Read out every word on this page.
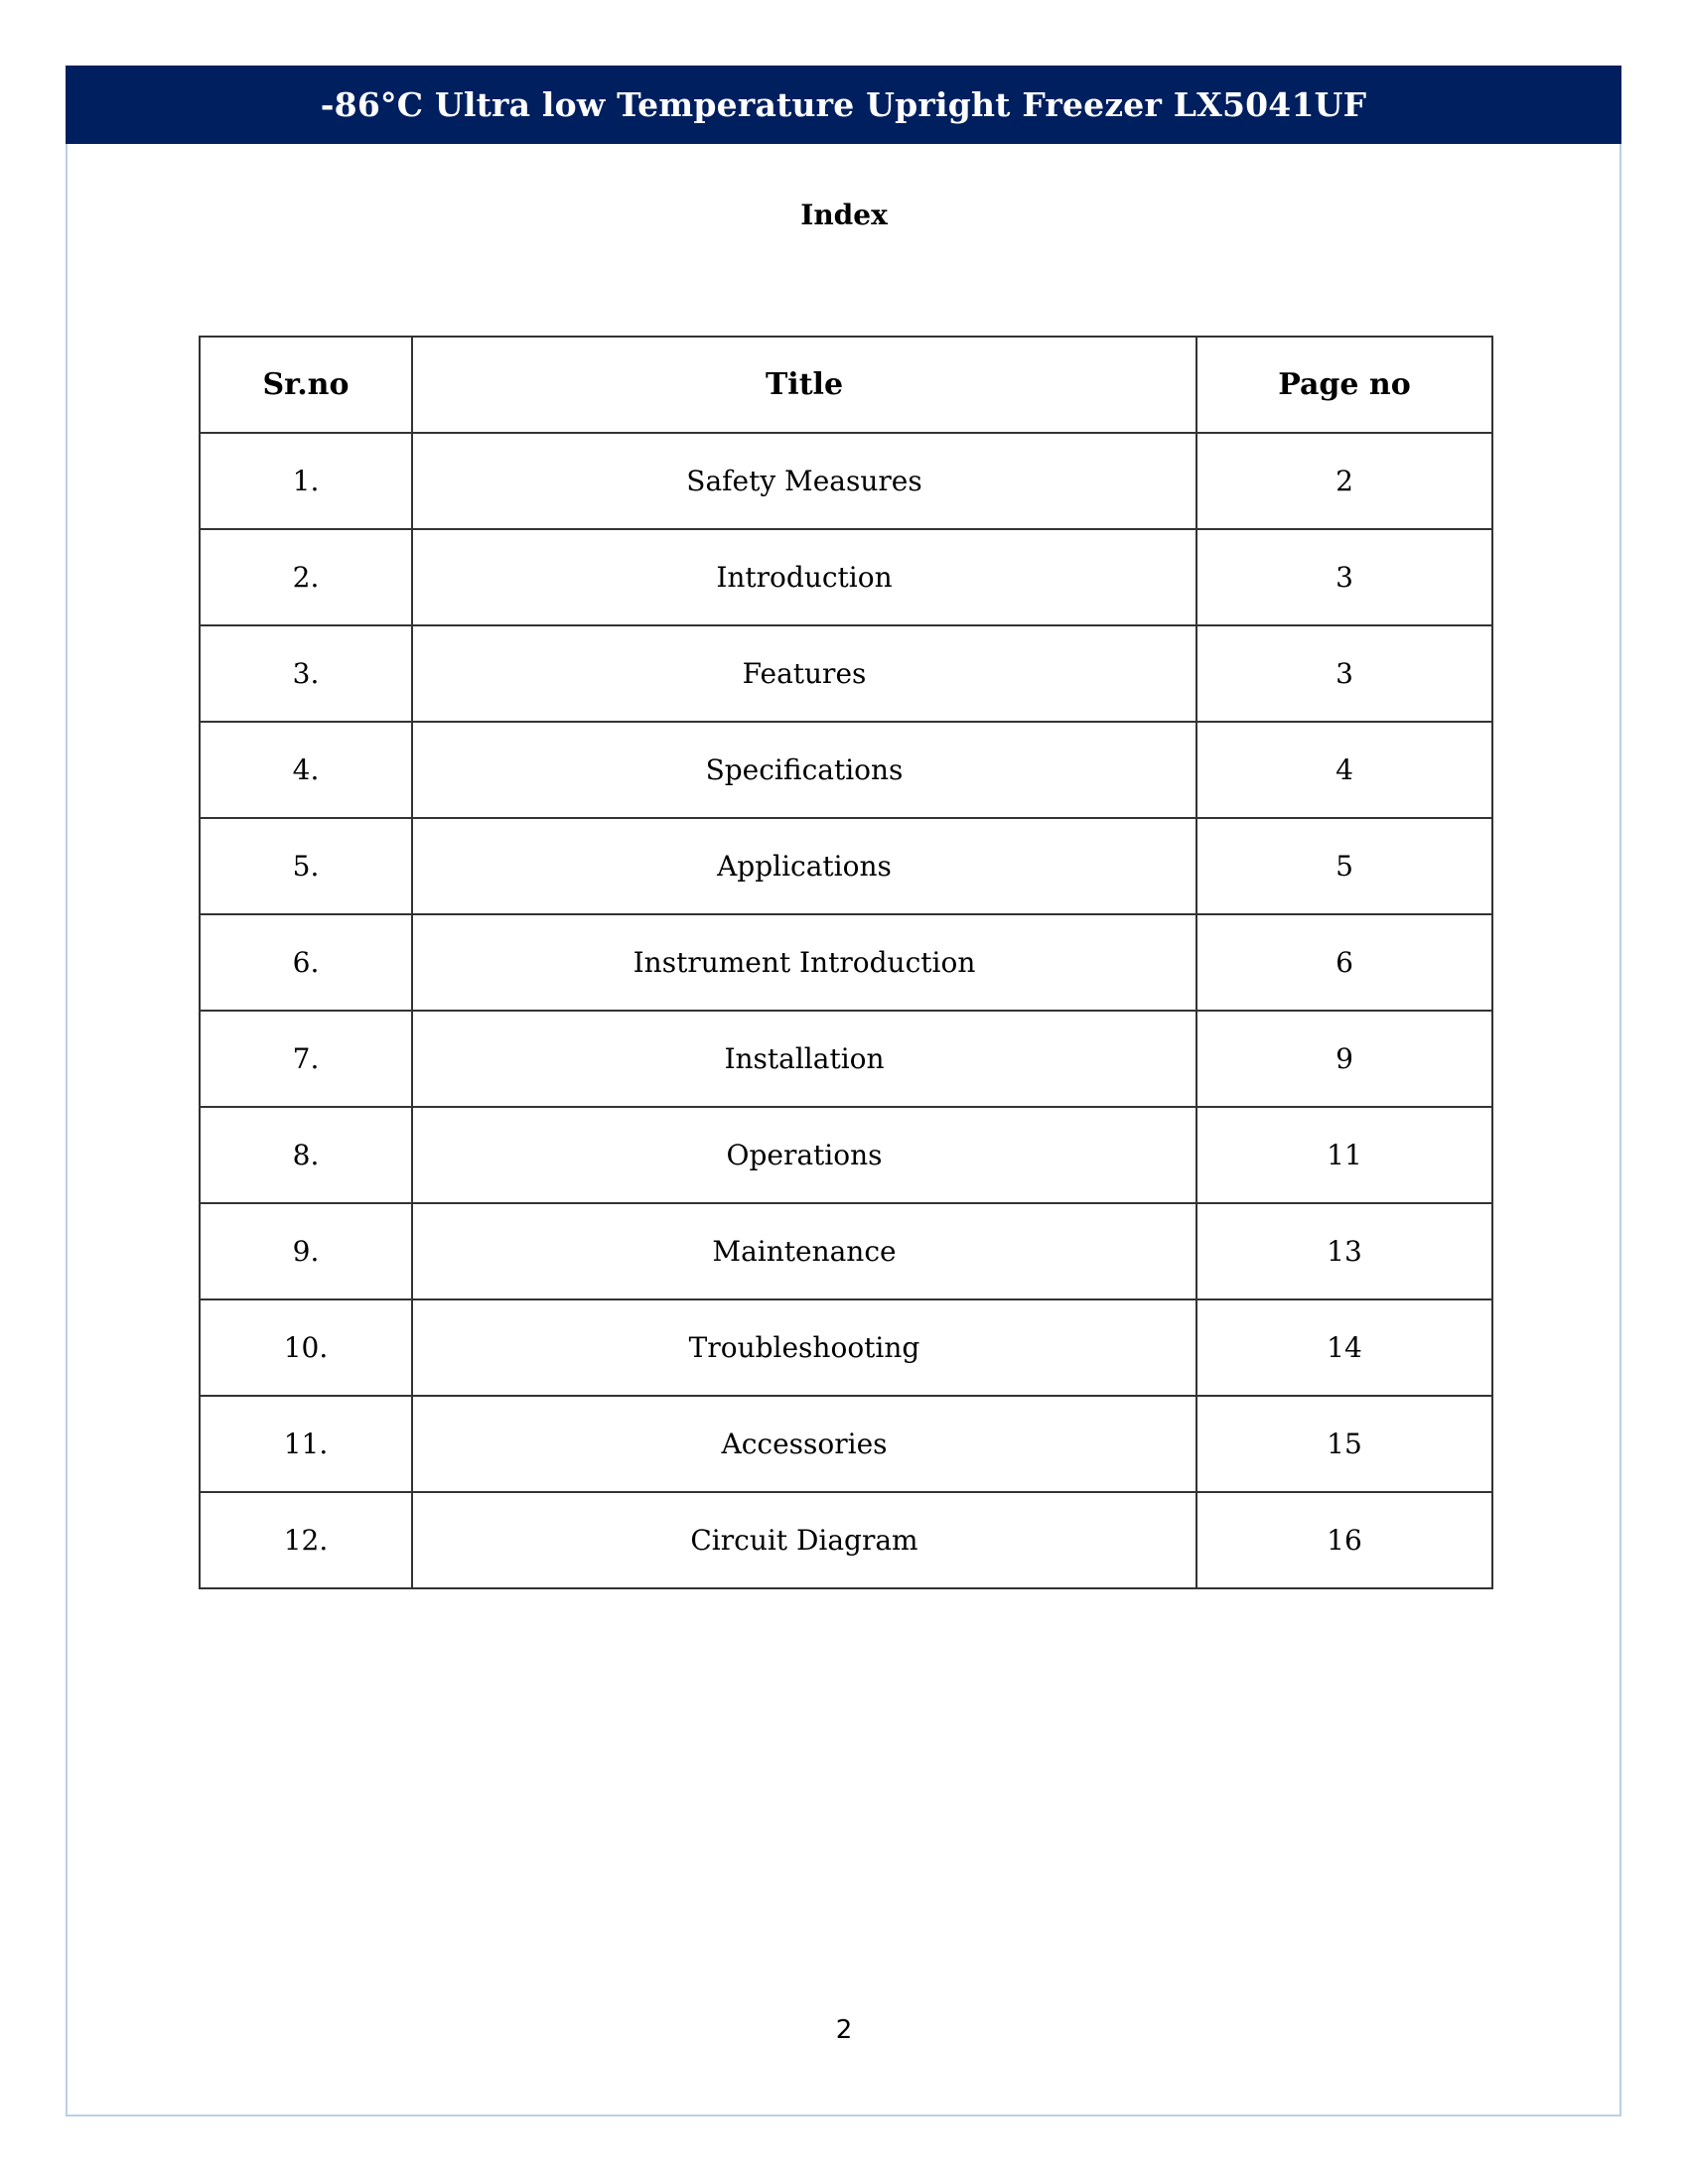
-86°C Ultra low Temperature Upright Freezer LX5041UF
Index
Sr.no	Title	Page no
1.	Safety Measures	2
2.	Introduction	3
3.	Features	3
4.	Specifications	4
5.	Applications	5
6.	Instrument Introduction	6
7.	Installation	9
8.	Operations	11
9.	Maintenance	13
10.	Troubleshooting	14
11.	Accessories	15
12.	Circuit Diagram	16
2
